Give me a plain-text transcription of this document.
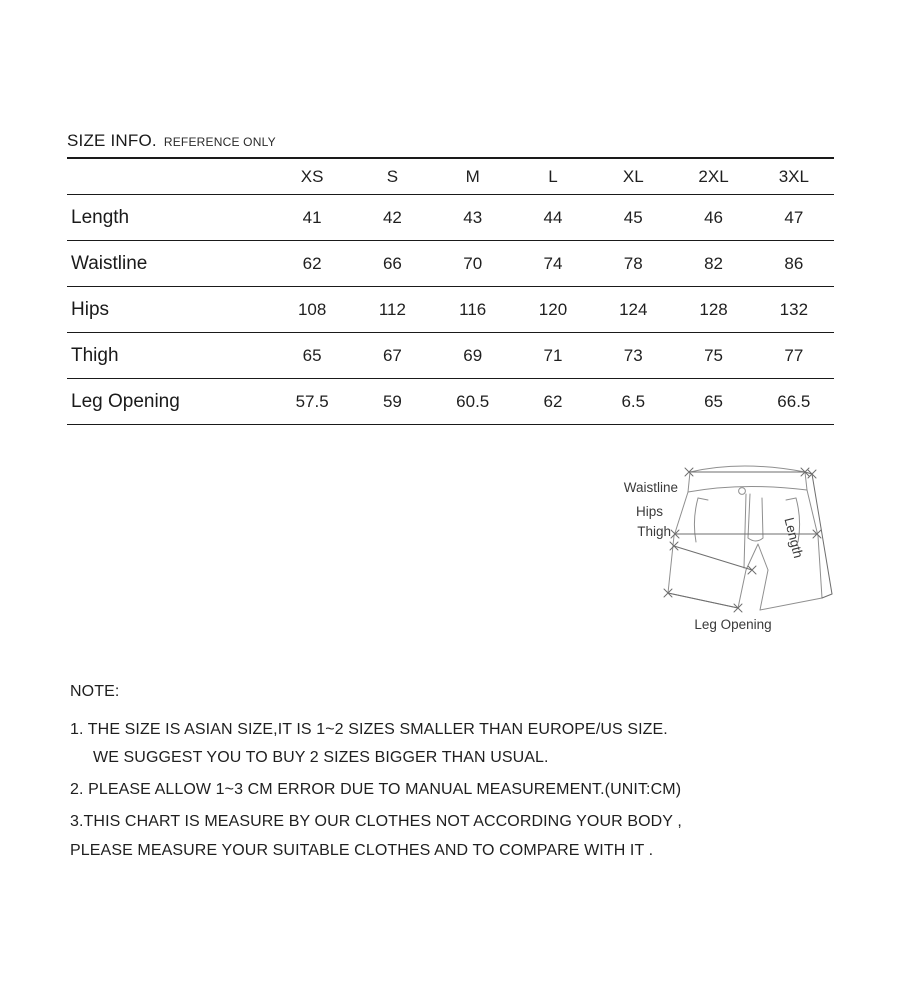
SIZE INFO. REFERENCE ONLY
	XS	S	M	L	XL	2XL	3XL
Length	41	42	43	44	45	46	47
Waistline	62	66	70	74	78	82	86
Hips	108	112	116	120	124	128	132
Thigh	65	67	69	71	73	75	77
Leg Opening	57.5	59	60.5	62	6.5	65	66.5
Waistline
Hips
Thigh	Length
Leg Opening
NOTE:
1. THE SIZE IS ASIAN SIZE,IT IS 1~2 SIZES SMALLER THAN EUROPE/US SIZE.
WE SUGGEST YOU TO BUY 2 SIZES BIGGER THAN USUAL.
2. PLEASE ALLOW 1~3 CM ERROR DUE TO MANUAL MEASUREMENT.(UNIT:CM)
3.THIS CHART IS MEASURE BY OUR CLOTHES NOT ACCORDING YOUR BODY ,
PLEASE MEASURE YOUR SUITABLE CLOTHES AND TO COMPARE WITH IT .
